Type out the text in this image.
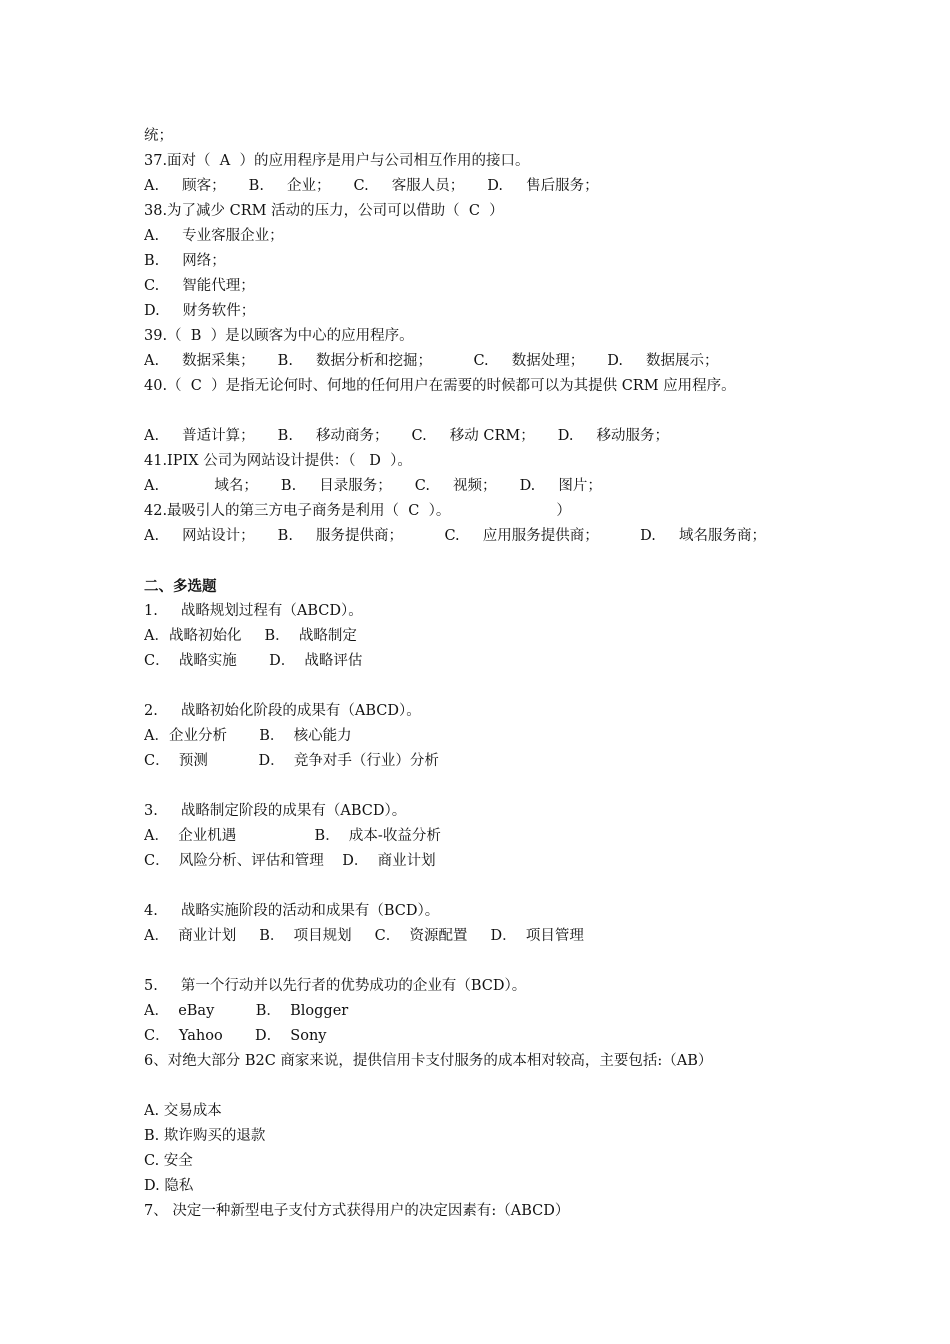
统；
37.面对（  A  ）的应用程序是用户与公司相互作用的接口。
A.     顾客；     B.     企业；     C.     客服人员；     D.     售后服务；
38.为了减少 CRM 活动的压力，公司可以借助（  C  ）
A.     专业客服企业；
B.     网络；
C.     智能代理；
D.     财务软件；
39.（  B  ）是以顾客为中心的应用程序。
A.     数据采集；     B.     数据分析和挖掘；         C.     数据处理；     D.     数据展示；
40.（  C  ）是指无论何时、何地的任何用户在需要的时候都可以为其提供 CRM 应用程序。
A.     普适计算；     B.     移动商务；     C.     移动 CRM；     D.     移动服务；
41.IPIX 公司为网站设计提供：（   D  ）。
A.            域名；     B.     目录服务；     C.     视频；     D.     图片；
42.最吸引人的第三方电子商务是利用（  C  ）。                       ）
A.     网站设计；     B.     服务提供商；         C.     应用服务提供商；         D.     域名服务商；
二、多选题
1.     战略规划过程有（ABCD）。
A．战略初始化     B．  战略制定
C．  战略实施       D．  战略评估
2.     战略初始化阶段的成果有（ABCD）。
A．企业分析       B．  核心能力
C．  预测           D．  竞争对手（行业）分析
3.     战略制定阶段的成果有（ABCD）。
A．  企业机遇                 B．  成本-收益分析
C．  风险分析、评估和管理    D．  商业计划
4.     战略实施阶段的活动和成果有（BCD）。
A．  商业计划     B．  项目规划     C．  资源配置     D．  项目管理
5.     第一个行动并以先行者的优势成功的企业有（BCD）。
A．  eBay         B．  Blogger
C．  Yahoo       D．  Sony
6、对绝大部分 B2C 商家来说，提供信用卡支付服务的成本相对较高，主要包括:（AB）
A. 交易成本
B. 欺诈购买的退款
C. 安全
D. 隐私
7、 决定一种新型电子支付方式获得用户的决定因素有:（ABCD）
